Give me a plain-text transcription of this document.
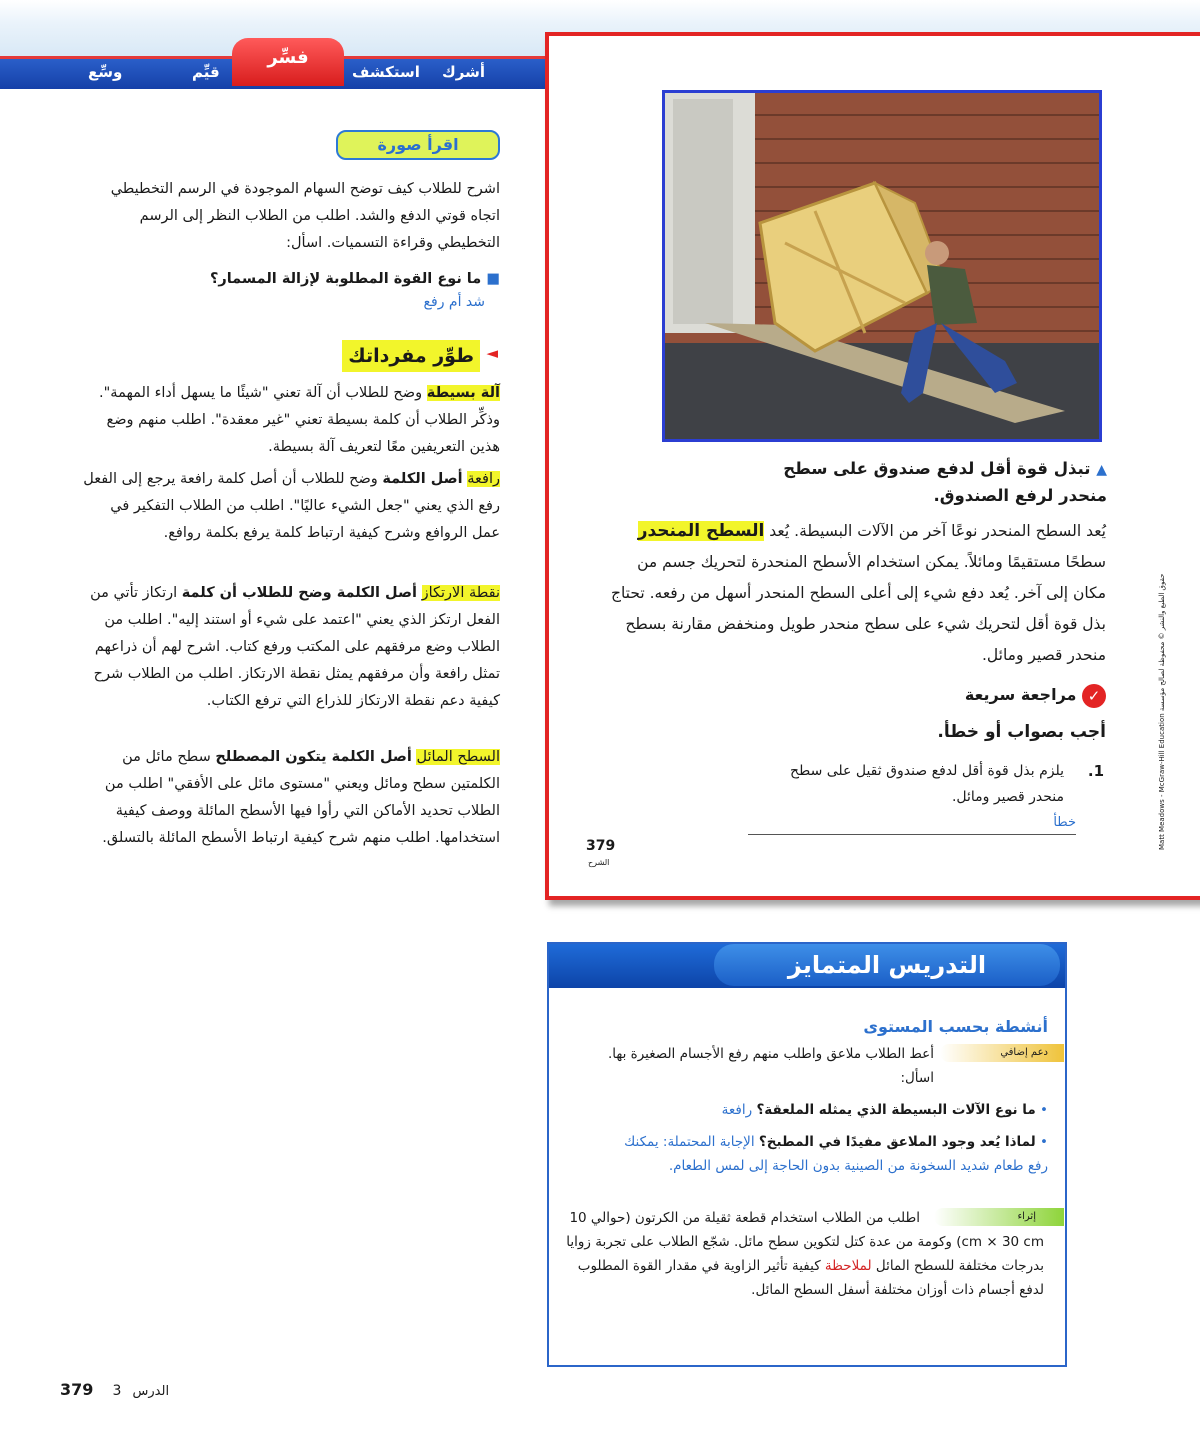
أشرك
استكشف
قيِّم
وسِّع
فسِّر
اقرأ صورة
اشرح للطلاب كيف توضح السهام الموجودة في الرسم التخطيطي اتجاه قوتي الدفع والشد. اطلب من الطلاب النظر إلى الرسم التخطيطي وقراءة التسميات. اسأل:
■ ما نوع القوة المطلوبة لإزالة المسمار؟
شد أم رفع
◄
طوِّر مفرداتك
آلة بسيطة وضح للطلاب أن آلة تعني "شيئًا ما يسهل أداء المهمة". وذكِّر الطلاب أن كلمة بسيطة تعني "غير معقدة". اطلب منهم وضع هذين التعريفين معًا لتعريف آلة بسيطة.
رافعة أصل الكلمة وضح للطلاب أن أصل كلمة رافعة يرجع إلى الفعل رفع الذي يعني "جعل الشيء عاليًا". اطلب من الطلاب التفكير في عمل الروافع وشرح كيفية ارتباط كلمة يرفع بكلمة روافع.
نقطة الارتكاز أصل الكلمة وضح للطلاب أن كلمة ارتكاز تأتي من الفعل ارتكز الذي يعني "اعتمد على شيء أو استند إليه". اطلب من الطلاب وضع مرفقهم على المكتب ورفع كتاب. اشرح لهم أن ذراعهم تمثل رافعة وأن مرفقهم يمثل نقطة الارتكاز. اطلب من الطلاب شرح كيفية دعم نقطة الارتكاز للذراع التي ترفع الكتاب.
السطح المائل أصل الكلمة يتكون المصطلح سطح مائل من الكلمتين سطح ومائل ويعني "مستوى مائل على الأفقي" اطلب من الطلاب تحديد الأماكن التي رأوا فيها الأسطح المائلة ووصف كيفية استخدامها. اطلب منهم شرح كيفية ارتباط الأسطح المائلة بالتسلق.
▲ تبذل قوة أقل لدفع صندوق على سطح منحدر لرفع الصندوق.
يُعد السطح المنحدر نوعًا آخر من الآلات البسيطة. يُعد السطح المنحدر سطحًا مستقيمًا ومائلاً. يمكن استخدام الأسطح المنحدرة لتحريك جسم من مكان إلى آخر. يُعد دفع شيء إلى أعلى السطح المنحدر أسهل من رفعه. تحتاج بذل قوة أقل لتحريك شيء على سطح منحدر طويل ومنخفض مقارنة بسطح منحدر قصير ومائل.
✓ مراجعة سريعة
أجب بصواب أو خطأ.
1.
يلزم بذل قوة أقل لدفع صندوق ثقيل على سطح منحدر قصير ومائل.
خطأ
379
الشرح
Matt Meadows - McGraw-Hill Education حقوق الطبع والنشر © محفوظة لصالح مؤسسة
التدريس المتمايز
أنشطة بحسب المستوى
دعم إضافي
أعط الطلاب ملاعق واطلب منهم رفع الأجسام الصغيرة بها. اسأل:
• ما نوع الآلات البسيطة الذي يمثله الملعقة؟ رافعة
• لماذا يُعد وجود الملاعق مفيدًا في المطبخ؟ الإجابة المحتملة: يمكنك رفع طعام شديد السخونة من الصينية بدون الحاجة إلى لمس الطعام.
إثراء
اطلب من الطلاب استخدام قطعة ثقيلة من الكرتون (حوالي 10 cm × 30 cm) وكومة من عدة كتل لتكوين سطح مائل. شجّع الطلاب على تجربة زوايا بدرجات مختلفة للسطح المائل لملاحظة كيفية تأثير الزاوية في مقدار القوة المطلوب لدفع أجسام ذات أوزان مختلفة أسفل السطح المائل.
379 3 الدرس
